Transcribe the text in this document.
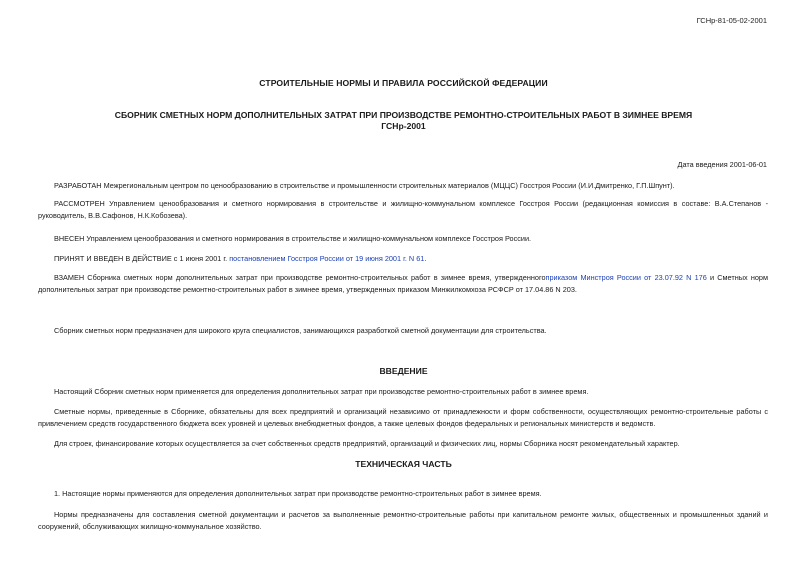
ГСНр-81-05-02-2001
СТРОИТЕЛЬНЫЕ НОРМЫ И ПРАВИЛА РОССИЙСКОЙ ФЕДЕРАЦИИ
СБОРНИК СМЕТНЫХ НОРМ ДОПОЛНИТЕЛЬНЫХ ЗАТРАТ ПРИ ПРОИЗВОДСТВЕ РЕМОНТНО-СТРОИТЕЛЬНЫХ РАБОТ В ЗИМНЕЕ ВРЕМЯ
ГСНр-2001
Дата введения 2001-06-01

РАЗРАБОТАН Межрегиональным центром по ценообразованию в строительстве и промышленности строительных материалов (МЦЦС) Госстроя России (И.И.Дмитренко, Г.П.Шпунт).

РАССМОТРЕН Управлением ценообразования и сметного нормирования в строительстве и жилищно-коммунальном комплексе Госстроя России (редакционная комиссия в составе: В.А.Степанов - руководитель, В.В.Сафонов, Н.К.Кобозева).

ВНЕСЕН Управлением ценообразования и сметного нормирования в строительстве и жилищно-коммунальном комплексе Госстроя России.

ПРИНЯТ И ВВЕДЕН В ДЕЙСТВИЕ с 1 июня 2001 г. постановлением Госстроя России от 19 июня 2001 г. N 61.

ВЗАМЕН Сборника сметных норм дополнительных затрат при производстве ремонтно-строительных работ в зимнее время, утвержденногоприказом Минстроя России от 23.07.92 N 176 и Сметных норм дополнительных затрат при производстве ремонтно-строительных работ в зимнее время, утвержденных приказом Минжилкомхоза РСФСР от 17.04.86 N 203.

Сборник сметных норм предназначен для широкого круга специалистов, занимающихся разработкой сметной документации для строительства.

ВВЕДЕНИЕ

Настоящий Сборник сметных норм применяется для определения дополнительных затрат при производстве ремонтно-строительных работ в зимнее время.

Сметные нормы, приведенные в Сборнике, обязательны для всех предприятий и организаций независимо от принадлежности и форм собственности, осуществляющих ремонтно-строительные работы с привлечением средств государственного бюджета всех уровней и целевых внебюджетных фондов, а также целевых фондов федеральных и региональных министерств и ведомств.

Для строек, финансирование которых осуществляется за счет собственных средств предприятий, организаций и физических лиц, нормы Сборника носят рекомендательный характер.

ТЕХНИЧЕСКАЯ ЧАСТЬ

1. Настоящие нормы применяются для определения дополнительных затрат при производстве ремонтно-строительных работ в зимнее время.

Нормы предназначены для составления сметной документации и расчетов за выполненные ремонтно-строительные работы при капитальном ремонте жилых, общественных и промышленных зданий и сооружений, обслуживающих жилищно-коммунальное хозяйство.
